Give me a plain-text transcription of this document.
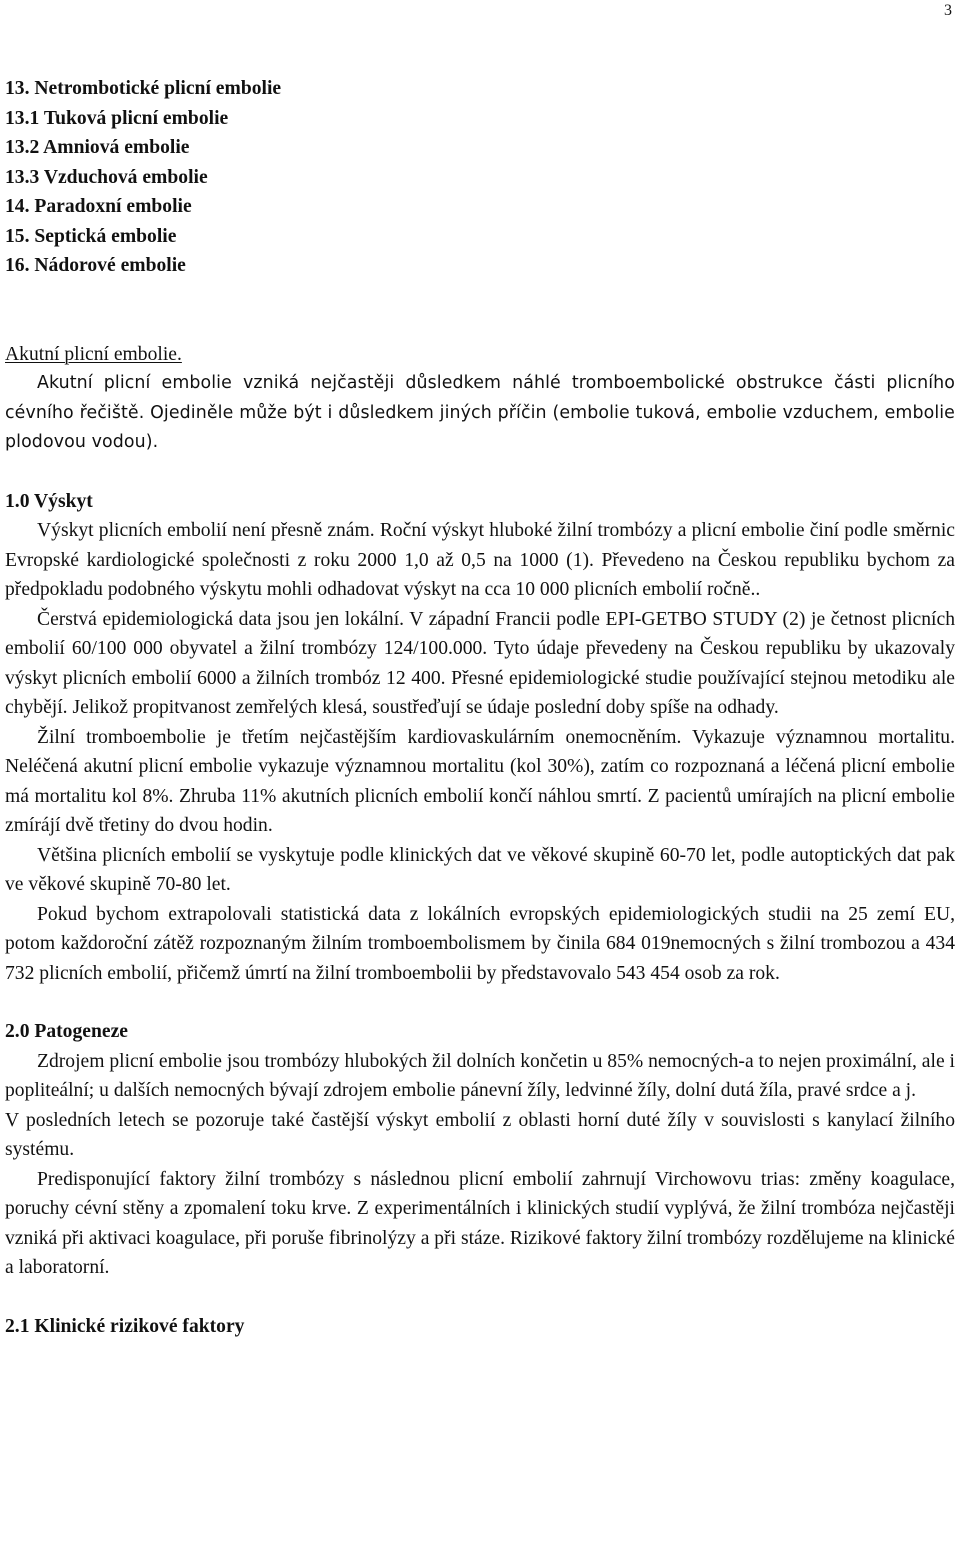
3
13. Netrombotické plicní embolie
13.1 Tuková plicní embolie
13.2 Amniová embolie
13.3 Vzduchová embolie
14. Paradoxní embolie
15. Septická embolie
16. Nádorové embolie
Akutní plicní embolie.

Akutní plicní embolie vzniká nejčastěji důsledkem náhlé tromboembolické obstrukce části plicního cévního řečiště. Ojediněle může být i důsledkem jiných příčin (embolie tuková, embolie vzduchem, embolie plodovou vodou).

1.0 Výskyt

Výskyt plicních embolií není přesně znám. Roční výskyt hluboké žilní trombózy a plicní embolie činí podle směrnic Evropské kardiologické společnosti z roku 2000 1,0 až 0,5 na 1000 (1). Převedeno na Českou republiku bychom za předpokladu podobného výskytu mohli odhadovat výskyt na cca 10 000 plicních embolií ročně..

Čerstvá epidemiologická data jsou jen lokální. V západní Francii podle EPI-GETBO STUDY (2) je četnost plicních embolií 60/100 000 obyvatel a žilní trombózy 124/100.000. Tyto údaje převedeny na Českou republiku by ukazovaly výskyt plicních embolií 6000 a žilních trombóz 12 400. Přesné epidemiologické studie používající stejnou metodiku ale chybějí. Jelikož propitvanost zemřelých klesá, soustřeďují se údaje poslední doby spíše na odhady.

Žilní tromboembolie je třetím nejčastějším kardiovaskulárním onemocněním. Vykazuje významnou mortalitu. Neléčená akutní plicní embolie vykazuje významnou mortalitu (kol 30%), zatím co rozpoznaná a léčená plicní embolie má mortalitu kol 8%. Zhruba 11% akutních plicních embolií končí náhlou smrtí. Z pacientů umírajích na plicní embolie zmírájí dvě třetiny do dvou hodin.

Většina plicních embolií se vyskytuje podle klinických dat ve věkové skupině 60-70 let, podle autoptických dat pak ve věkové skupině 70-80 let.

Pokud bychom extrapolovali statistická data z lokálních evropských epidemiologických studii na 25 zemí EU, potom každoroční zátěž rozpoznaným žilním tromboembolismem by činila 684 019nemocných s žilní trombozou a 434 732 plicních embolií, přičemž úmrtí na žilní tromboembolii by představovalo 543 454 osob za rok.

2.0 Patogeneze

Zdrojem plicní embolie jsou trombózy hlubokých žil dolních končetin u 85% nemocných-a to nejen proximální, ale i popliteální; u dalších nemocných bývají zdrojem embolie pánevní žíly, ledvinné žíly, dolní dutá žíla, pravé srdce a j.

V posledních letech se pozoruje také častější výskyt embolií z oblasti horní duté žíly v souvislosti s kanylací žilního systému.

Predisponující faktory žilní trombózy s následnou plicní embolií zahrnují Virchowovu trias: změny koagulace, poruchy cévní stěny a zpomalení toku krve. Z experimentálních i klinických studií vyplývá, že žilní trombóza nejčastěji vzniká při aktivaci koagulace, při poruše fibrinolýzy a při stáze. Rizikové faktory žilní trombózy rozdělujeme na klinické a laboratorní.

2.1 Klinické rizikové faktory
